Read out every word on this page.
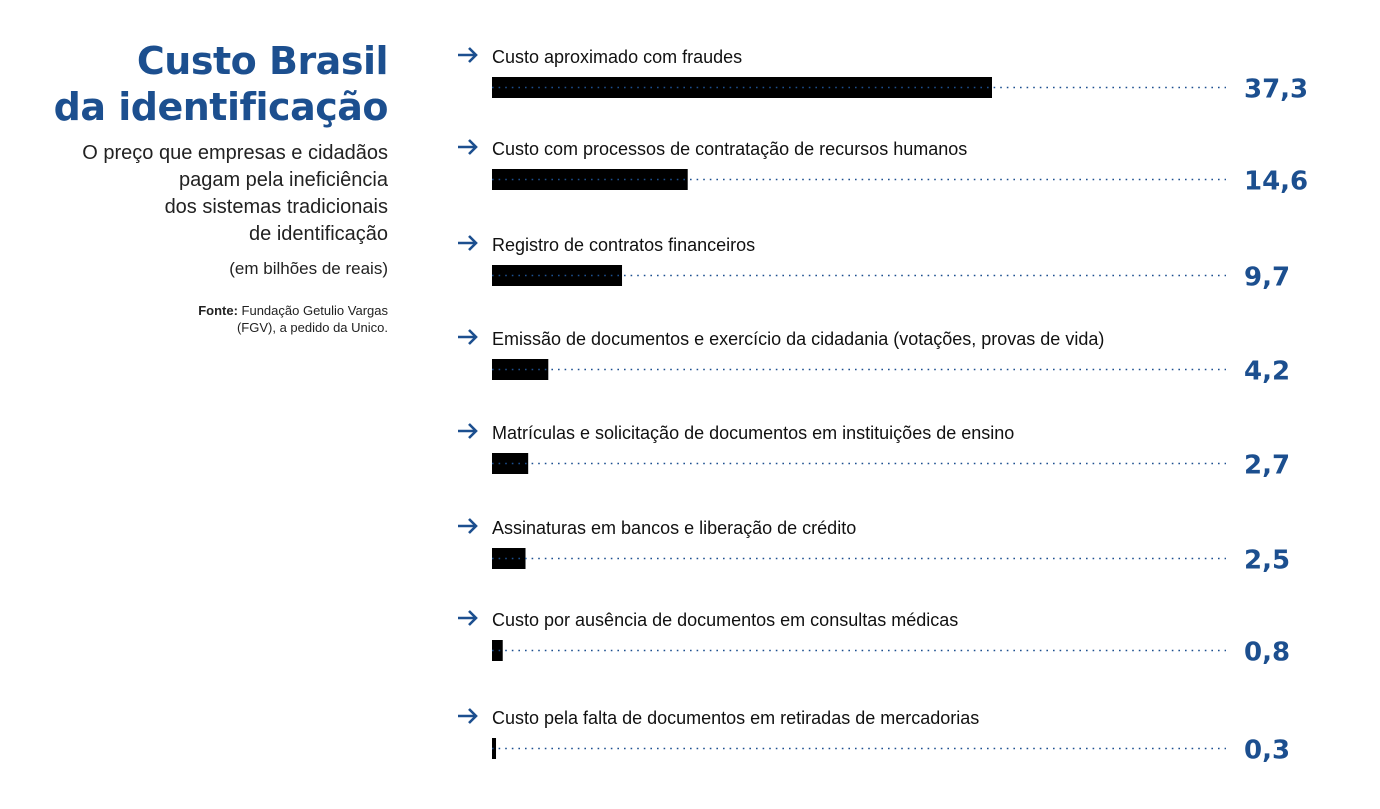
Custo Brasil
da identificação
O preço que empresas e cidadãos
pagam pela ineficiência
dos sistemas tradicionais
de identificação
(em bilhões de reais)
Fonte: Fundação Getulio Vargas
(FGV), a pedido da Unico.
Custo aproximado com fraudes
37,3
Custo com processos de contratação de recursos humanos
14,6
Registro de contratos financeiros
9,7
Emissão de documentos e exercício da cidadania (votações, provas de vida)
4,2
Matrículas e solicitação de documentos em instituições de ensino
2,7
Assinaturas em bancos e liberação de crédito
2,5
Custo por ausência de documentos em consultas médicas
0,8
Custo pela falta de documentos em retiradas de mercadorias
0,3
